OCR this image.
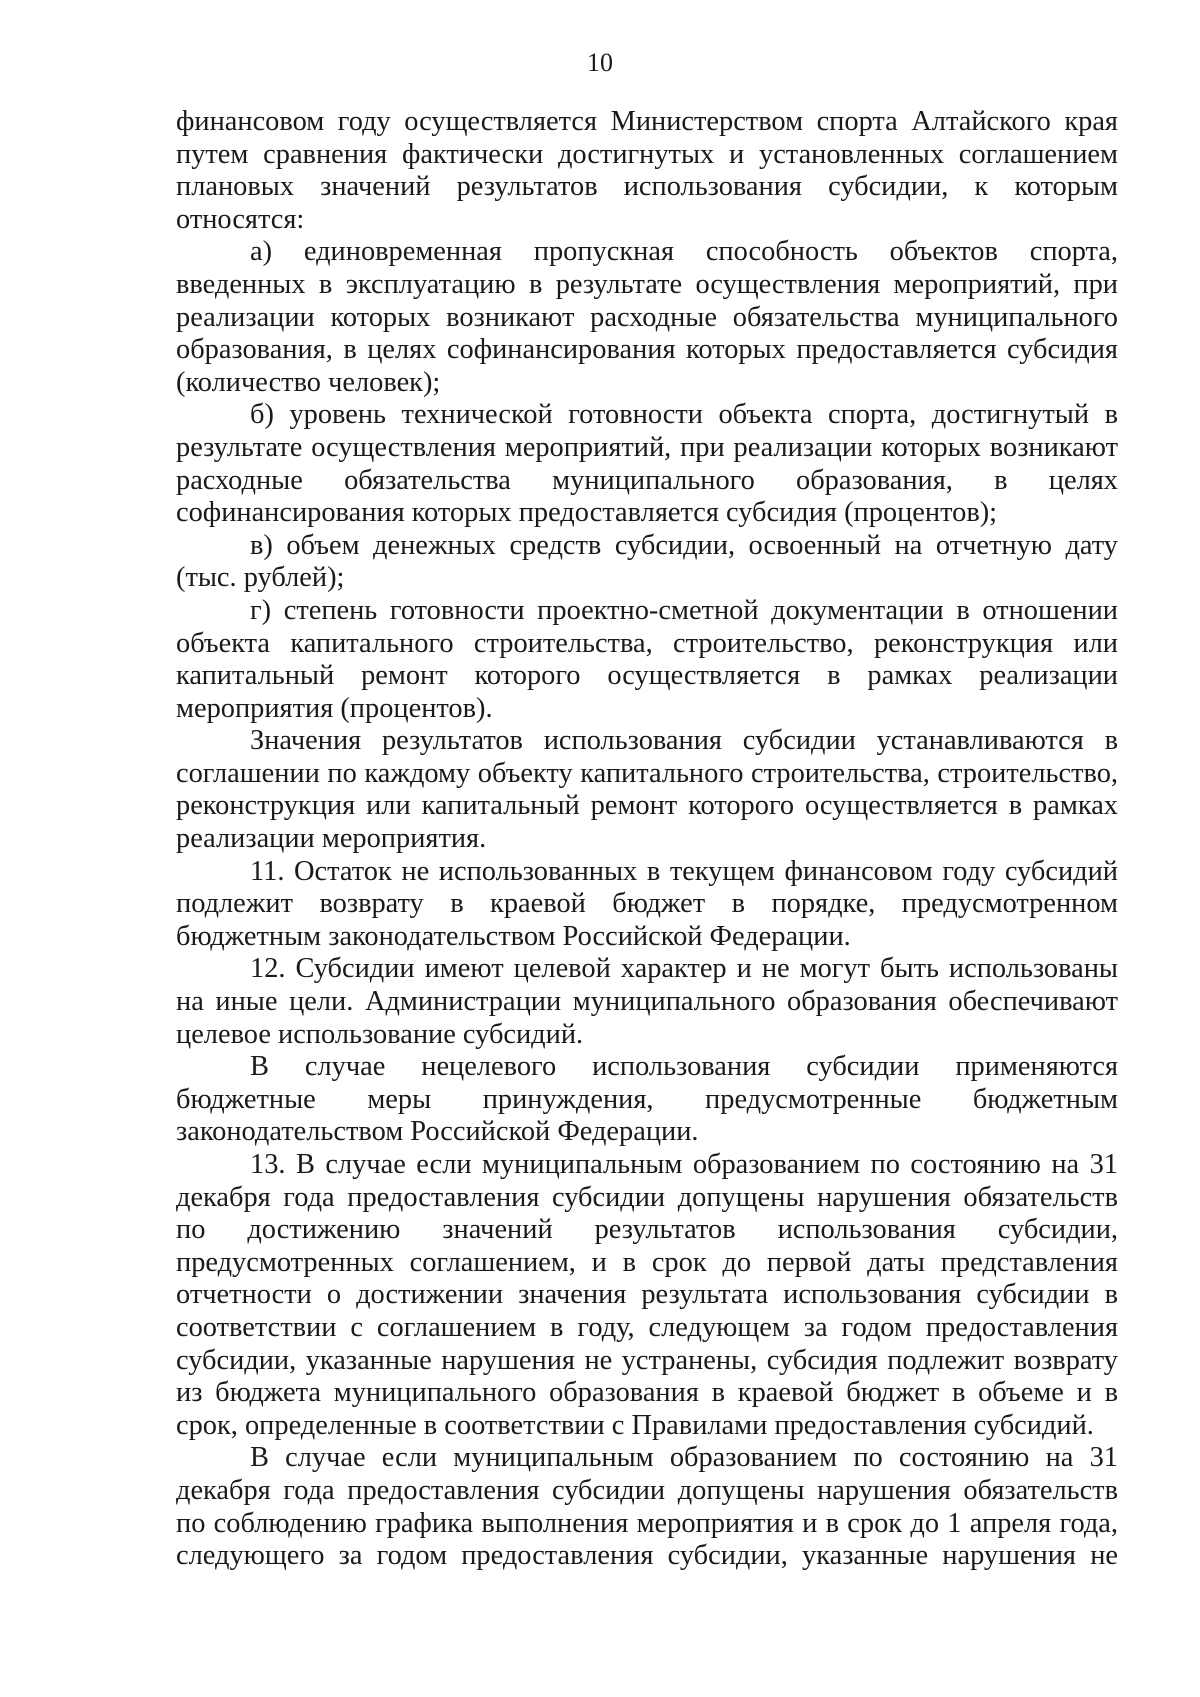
10

финансовом году осуществляется Министерством спорта Алтайского края путем сравнения фактически достигнутых и установленных соглашением плановых значений результатов использования субсидии, к которым относятся:

а) единовременная пропускная способность объектов спорта, введенных в эксплуатацию в результате осуществления мероприятий, при реализации которых возникают расходные обязательства муниципального образования, в целях софинансирования которых предоставляется субсидия (количество человек);

б) уровень технической готовности объекта спорта, достигнутый в результате осуществления мероприятий, при реализации которых возникают расходные обязательства муниципального образования, в целях софинансирования которых предоставляется субсидия (процентов);

в) объем денежных средств субсидии, освоенный на отчетную дату (тыс. рублей);

г) степень готовности проектно-сметной документации в отношении объекта капитального строительства, строительство, реконструкция или капитальный ремонт которого осуществляется в рамках реализации мероприятия (процентов).

Значения результатов использования субсидии устанавливаются в соглашении по каждому объекту капитального строительства, строительство, реконструкция или капитальный ремонт которого осуществляется в рамках реализации мероприятия.

11. Остаток не использованных в текущем финансовом году субсидий подлежит возврату в краевой бюджет в порядке, предусмотренном бюджетным законодательством Российской Федерации.

12. Субсидии имеют целевой характер и не могут быть использованы на иные цели. Администрации муниципального образования обеспечивают целевое использование субсидий.

В случае нецелевого использования субсидии применяются бюджетные меры принуждения, предусмотренные бюджетным законодательством Российской Федерации.

13. В случае если муниципальным образованием по состоянию на 31 декабря года предоставления субсидии допущены нарушения обязательств по достижению значений результатов использования субсидии, предусмотренных соглашением, и в срок до первой даты представления отчетности о достижении значения результата использования субсидии в соответствии с соглашением в году, следующем за годом предоставления субсидии, указанные нарушения не устранены, субсидия подлежит возврату из бюджета муниципального образования в краевой бюджет в объеме и в срок, определенные в соответствии с Правилами предоставления субсидий.

В случае если муниципальным образованием по состоянию на 31 декабря года предоставления субсидии допущены нарушения обязательств по соблюдению графика выполнения мероприятия и в срок до 1 апреля года, следующего за годом предоставления субсидии, указанные нарушения не
